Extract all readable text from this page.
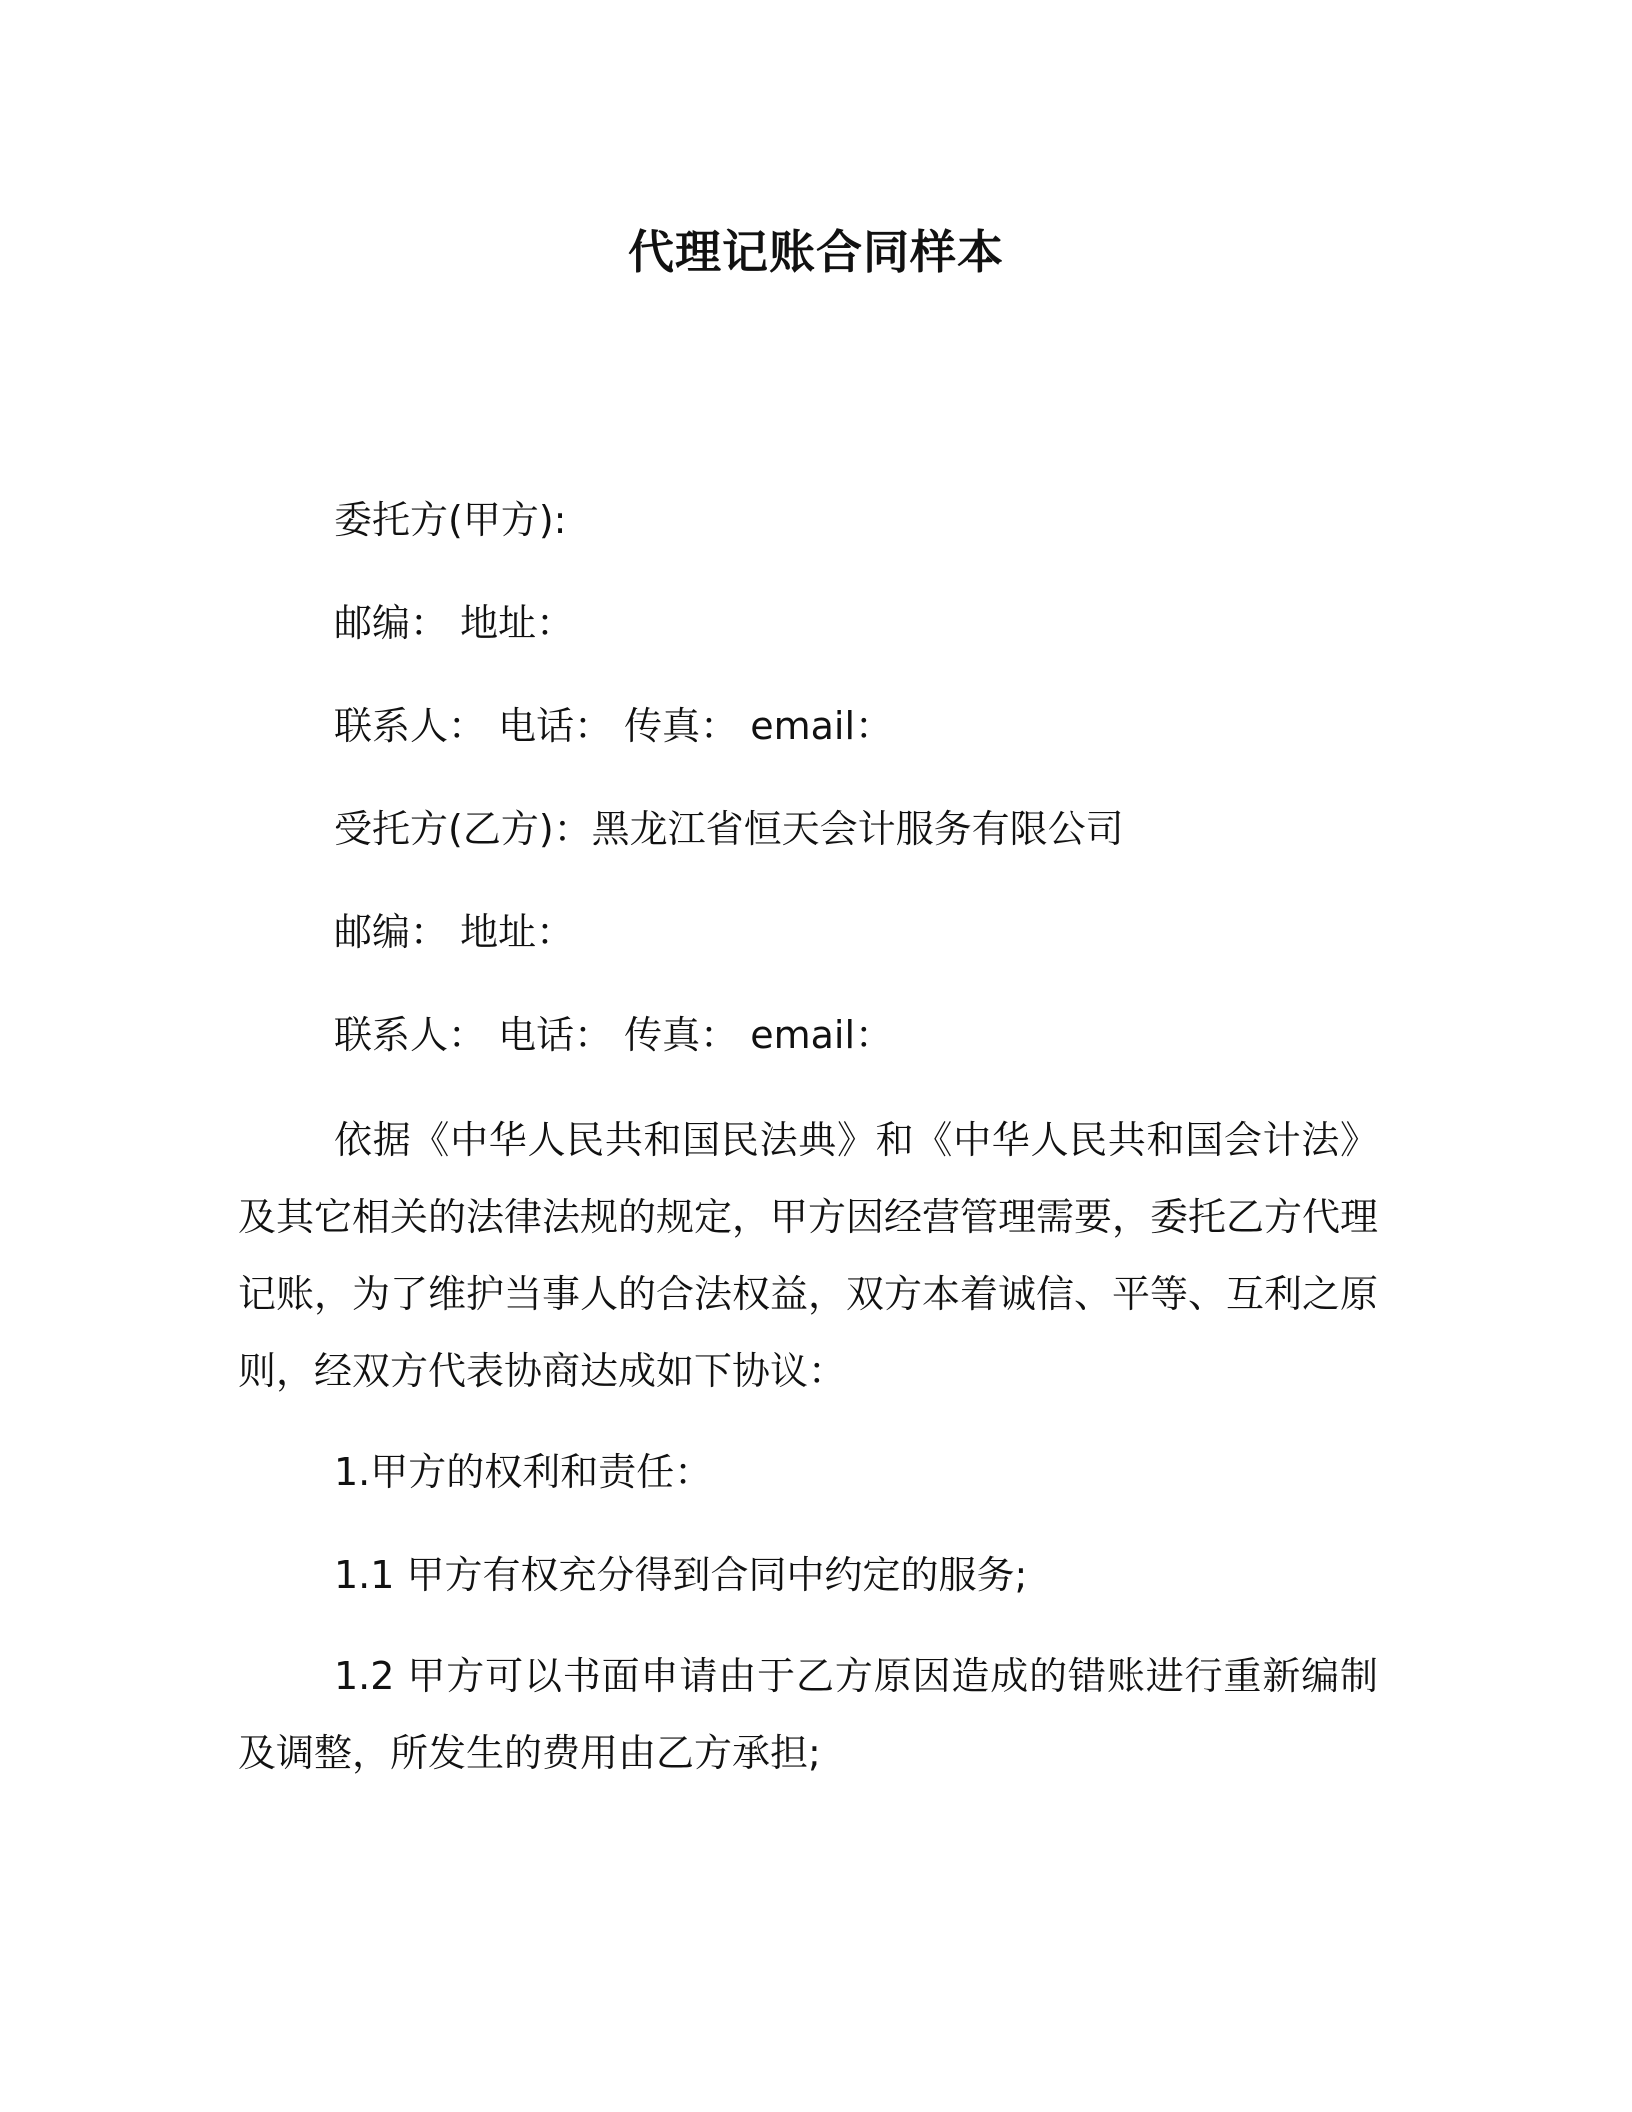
代理记账合同样本
委托方(甲方):
邮编： 地址：
联系人： 电话： 传真： email：
受托方(乙方)：黑龙江省恒天会计服务有限公司
邮编： 地址：
联系人： 电话： 传真： email：
依据《中华人民共和国民法典》和《中华人民共和国会计法》及其它相关的法律法规的规定，甲方因经营管理需要，委托乙方代理记账，为了维护当事人的合法权益，双方本着诚信、平等、互利之原则，经双方代表协商达成如下协议：
1.甲方的权利和责任：
1.1 甲方有权充分得到合同中约定的服务;
1.2 甲方可以书面申请由于乙方原因造成的错账进行重新编制及调整，所发生的费用由乙方承担;
